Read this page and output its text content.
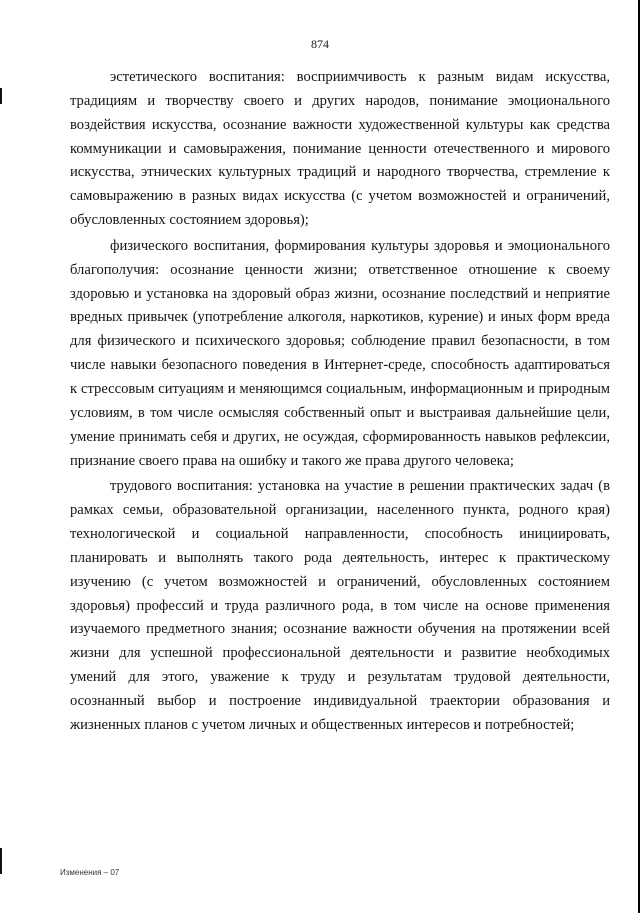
874

эстетического воспитания: восприимчивость к разным видам искусства, традициям и творчеству своего и других народов, понимание эмоционального воздействия искусства, осознание важности художественной культуры как средства коммуникации и самовыражения, понимание ценности отечественного и мирового искусства, этнических культурных традиций и народного творчества, стремление к самовыражению в разных видах искусства (с учетом возможностей и ограничений, обусловленных состоянием здоровья);

физического воспитания, формирования культуры здоровья и эмоционального благополучия: осознание ценности жизни; ответственное отношение к своему здоровью и установка на здоровый образ жизни, осознание последствий и неприятие вредных привычек (употребление алкоголя, наркотиков, курение) и иных форм вреда для физического и психического здоровья; соблюдение правил безопасности, в том числе навыки безопасного поведения в Интернет-среде, способность адаптироваться к стрессовым ситуациям и меняющимся социальным, информационным и природным условиям, в том числе осмысляя собственный опыт и выстраивая дальнейшие цели, умение принимать себя и других, не осуждая, сформированность навыков рефлексии, признание своего права на ошибку и такого же права другого человека;

трудового воспитания: установка на участие в решении практических задач (в рамках семьи, образовательной организации, населенного пункта, родного края) технологической и социальной направленности, способность инициировать, планировать и выполнять такого рода деятельность, интерес к практическому изучению (с учетом возможностей и ограничений, обусловленных состоянием здоровья) профессий и труда различного рода, в том числе на основе применения изучаемого предметного знания; осознание важности обучения на протяжении всей жизни для успешной профессиональной деятельности и развитие необходимых умений для этого, уважение к труду и результатам трудовой деятельности, осознанный выбор и построение индивидуальной траектории образования и жизненных планов с учетом личных и общественных интересов и потребностей;

Изменения – 07
